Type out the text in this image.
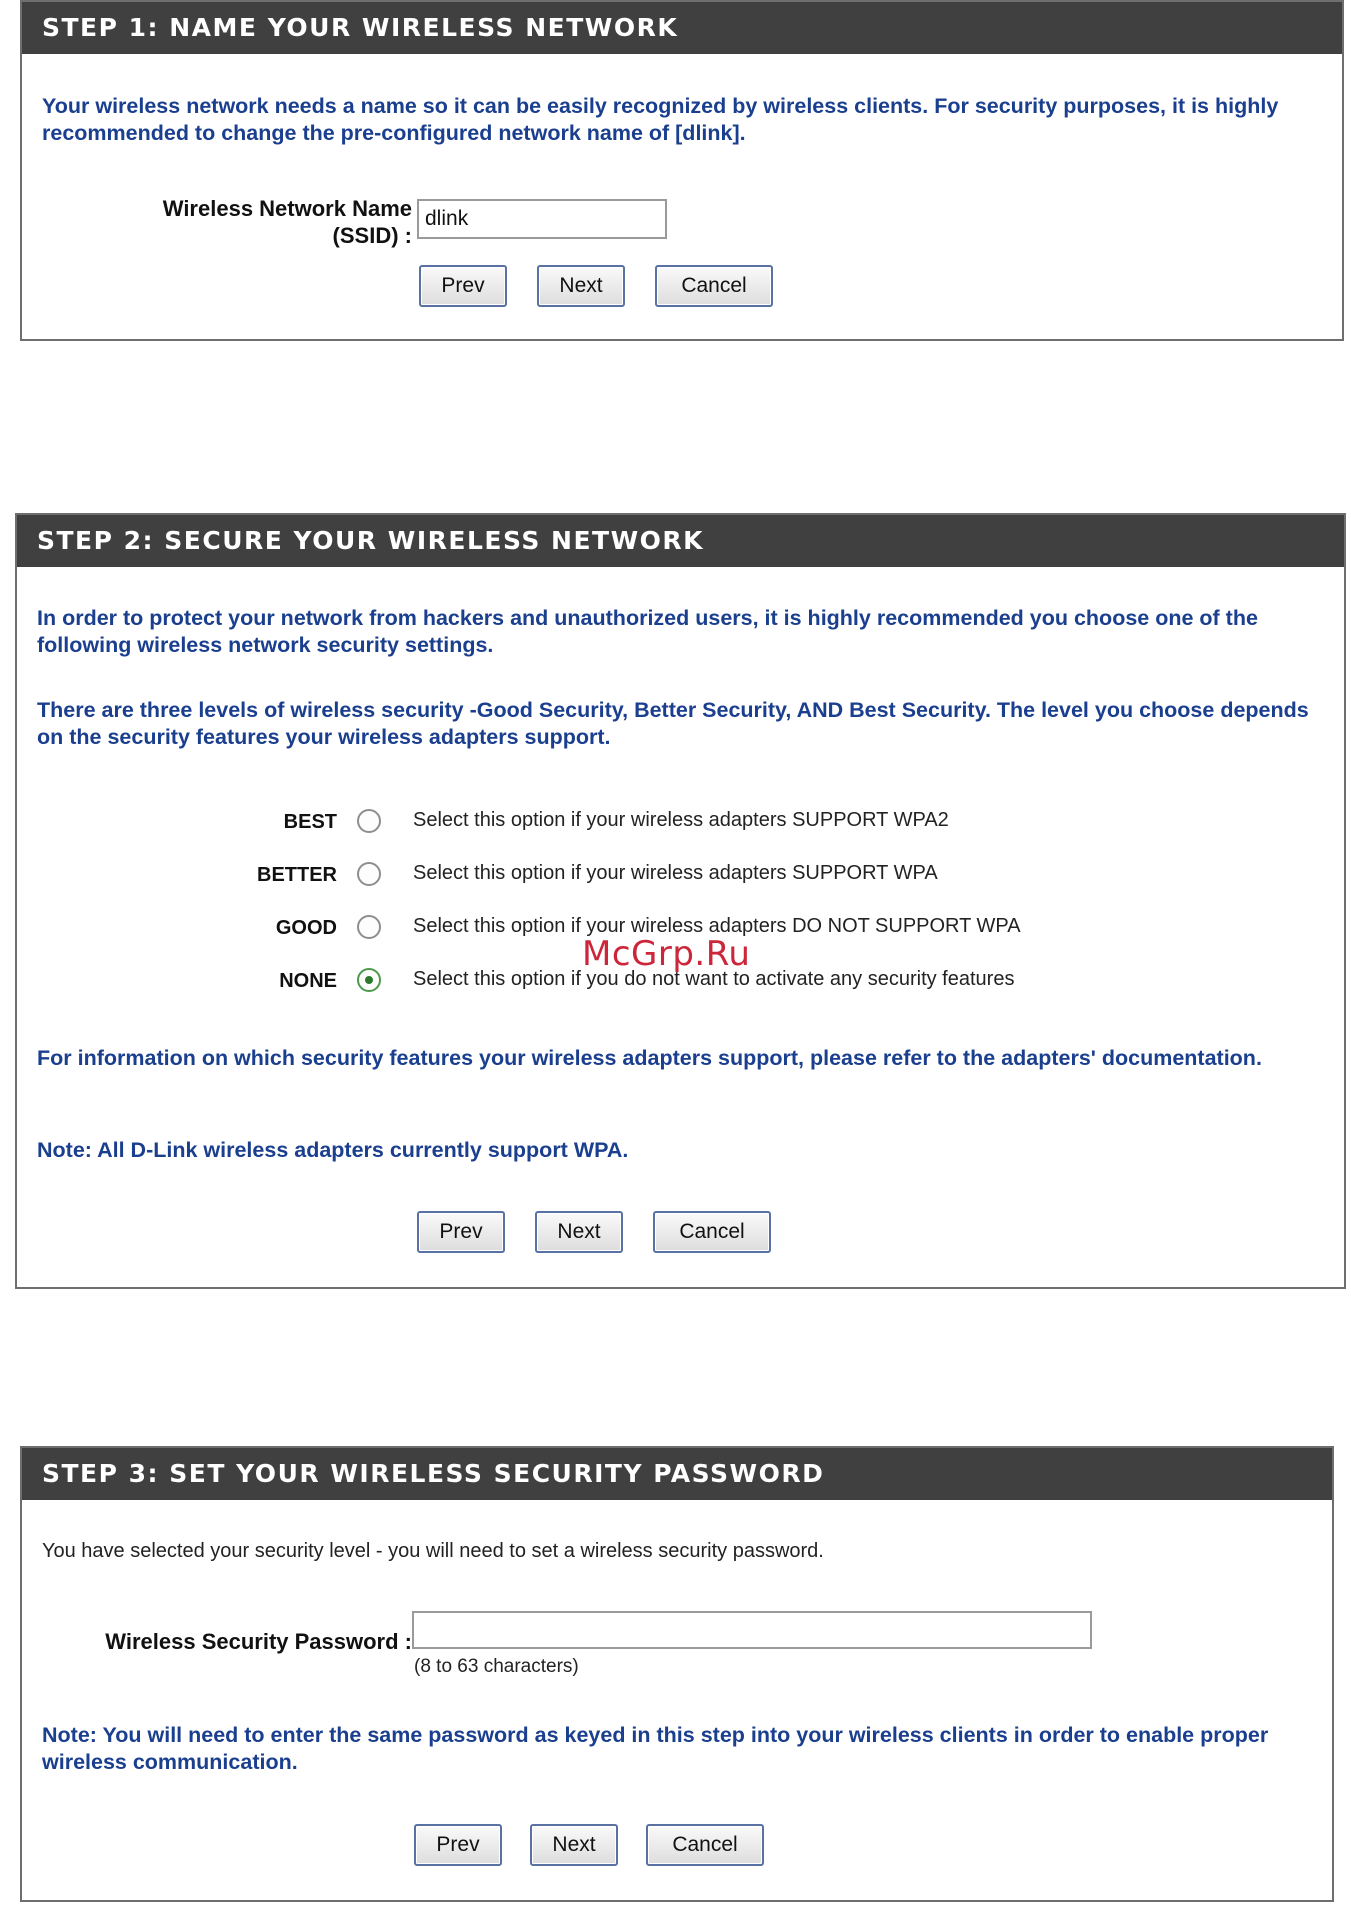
STEP 1: NAME YOUR WIRELESS NETWORK
Your wireless network needs a name so it can be easily recognized by wireless clients. For security purposes, it is highly recommended to change the pre-configured network name of [dlink].
Wireless Network Name
(SSID) :
dlink
Prev	Next	Cancel
STEP 2: SECURE YOUR WIRELESS NETWORK
In order to protect your network from hackers and unauthorized users, it is highly recommended you choose one of the following wireless network security settings.
There are three levels of wireless security -Good Security, Better Security, AND Best Security. The level you choose depends on the security features your wireless adapters support.
BEST	Select this option if your wireless adapters SUPPORT WPA2
BETTER	Select this option if your wireless adapters SUPPORT WPA
GOOD	Select this option if your wireless adapters DO NOT SUPPORT WPA
NONE	Select this option if you do not want to activate any security features
For information on which security features your wireless adapters support, please refer to the adapters' documentation.
Note: All D-Link wireless adapters currently support WPA.
Prev	Next	Cancel
STEP 3: SET YOUR WIRELESS SECURITY PASSWORD
You have selected your security level - you will need to set a wireless security password.
Wireless Security Password :
(8 to 63 characters)
Note: You will need to enter the same password as keyed in this step into your wireless clients in order to enable proper wireless communication.
Prev	Next	Cancel
McGrp.Ru
